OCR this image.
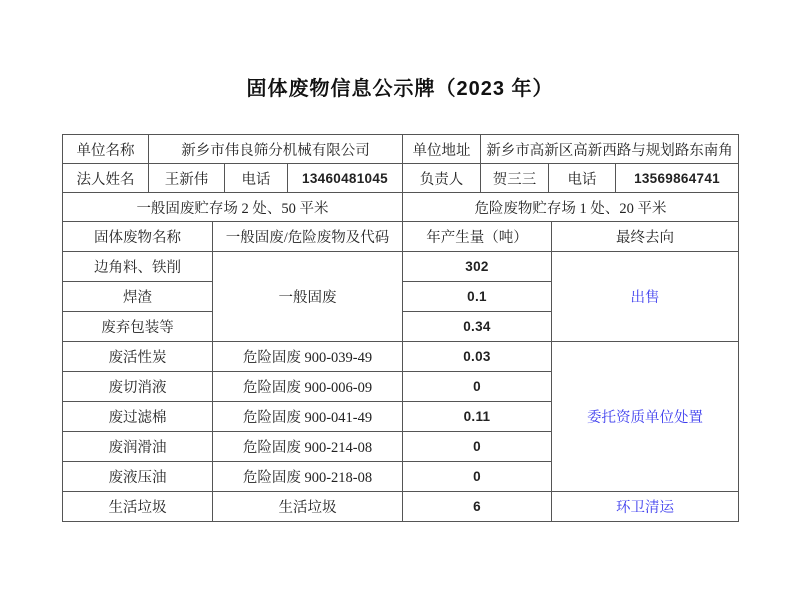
固体废物信息公示牌（2023 年）
单位名称	新乡市伟良筛分机械有限公司			单位地址	新乡市高新区高新西路与规划路东南角		
法人姓名	王新伟	电话	13460481045	负责人	贺三三	电话	13569864741
一般固废贮存场 2 处、50 平米				危险废物贮存场 1 处、20 平米			
固体废物名称	一般固废/危险废物及代码	年产生量（吨）	最终去向
边角料、铁削	一般固废	302	出售
焊渣		0.1	
废弃包装等		0.34	
废活性炭	危险固废 900-039-49	0.03	委托资质单位处置
废切消液	危险固废 900-006-09	0	
废过滤棉	危险固废 900-041-49	0.11	
废润滑油	危险固废 900-214-08	0	
废液压油	危险固废 900-218-08	0	
生活垃圾	生活垃圾	6	环卫清运
